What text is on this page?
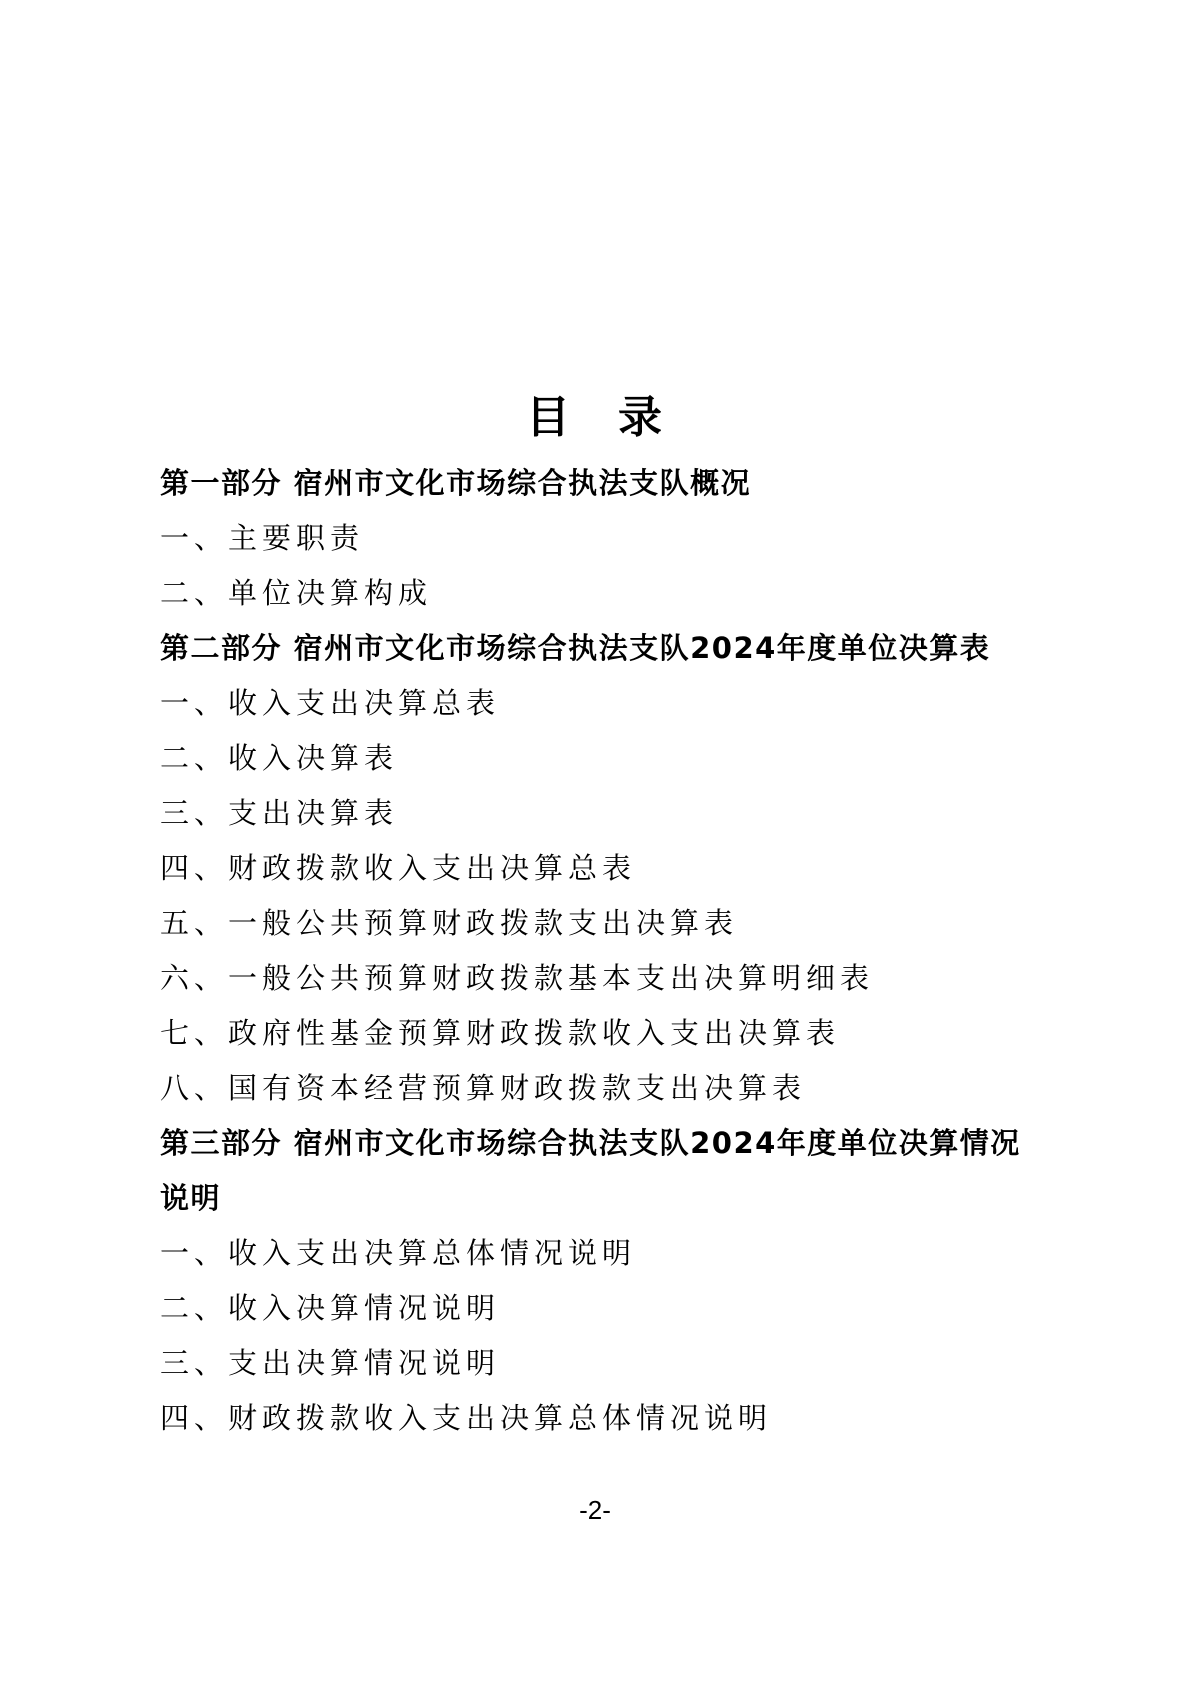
目　录
第一部分 宿州市文化市场综合执法支队概况
一、主要职责
二、单位决算构成
第二部分 宿州市文化市场综合执法支队2024年度单位决算表
一、收入支出决算总表
二、收入决算表
三、支出决算表
四、财政拨款收入支出决算总表
五、一般公共预算财政拨款支出决算表
六、一般公共预算财政拨款基本支出决算明细表
七、政府性基金预算财政拨款收入支出决算表
八、国有资本经营预算财政拨款支出决算表
第三部分 宿州市文化市场综合执法支队2024年度单位决算情况
说明
一、收入支出决算总体情况说明
二、收入决算情况说明
三、支出决算情况说明
四、财政拨款收入支出决算总体情况说明
-2-
